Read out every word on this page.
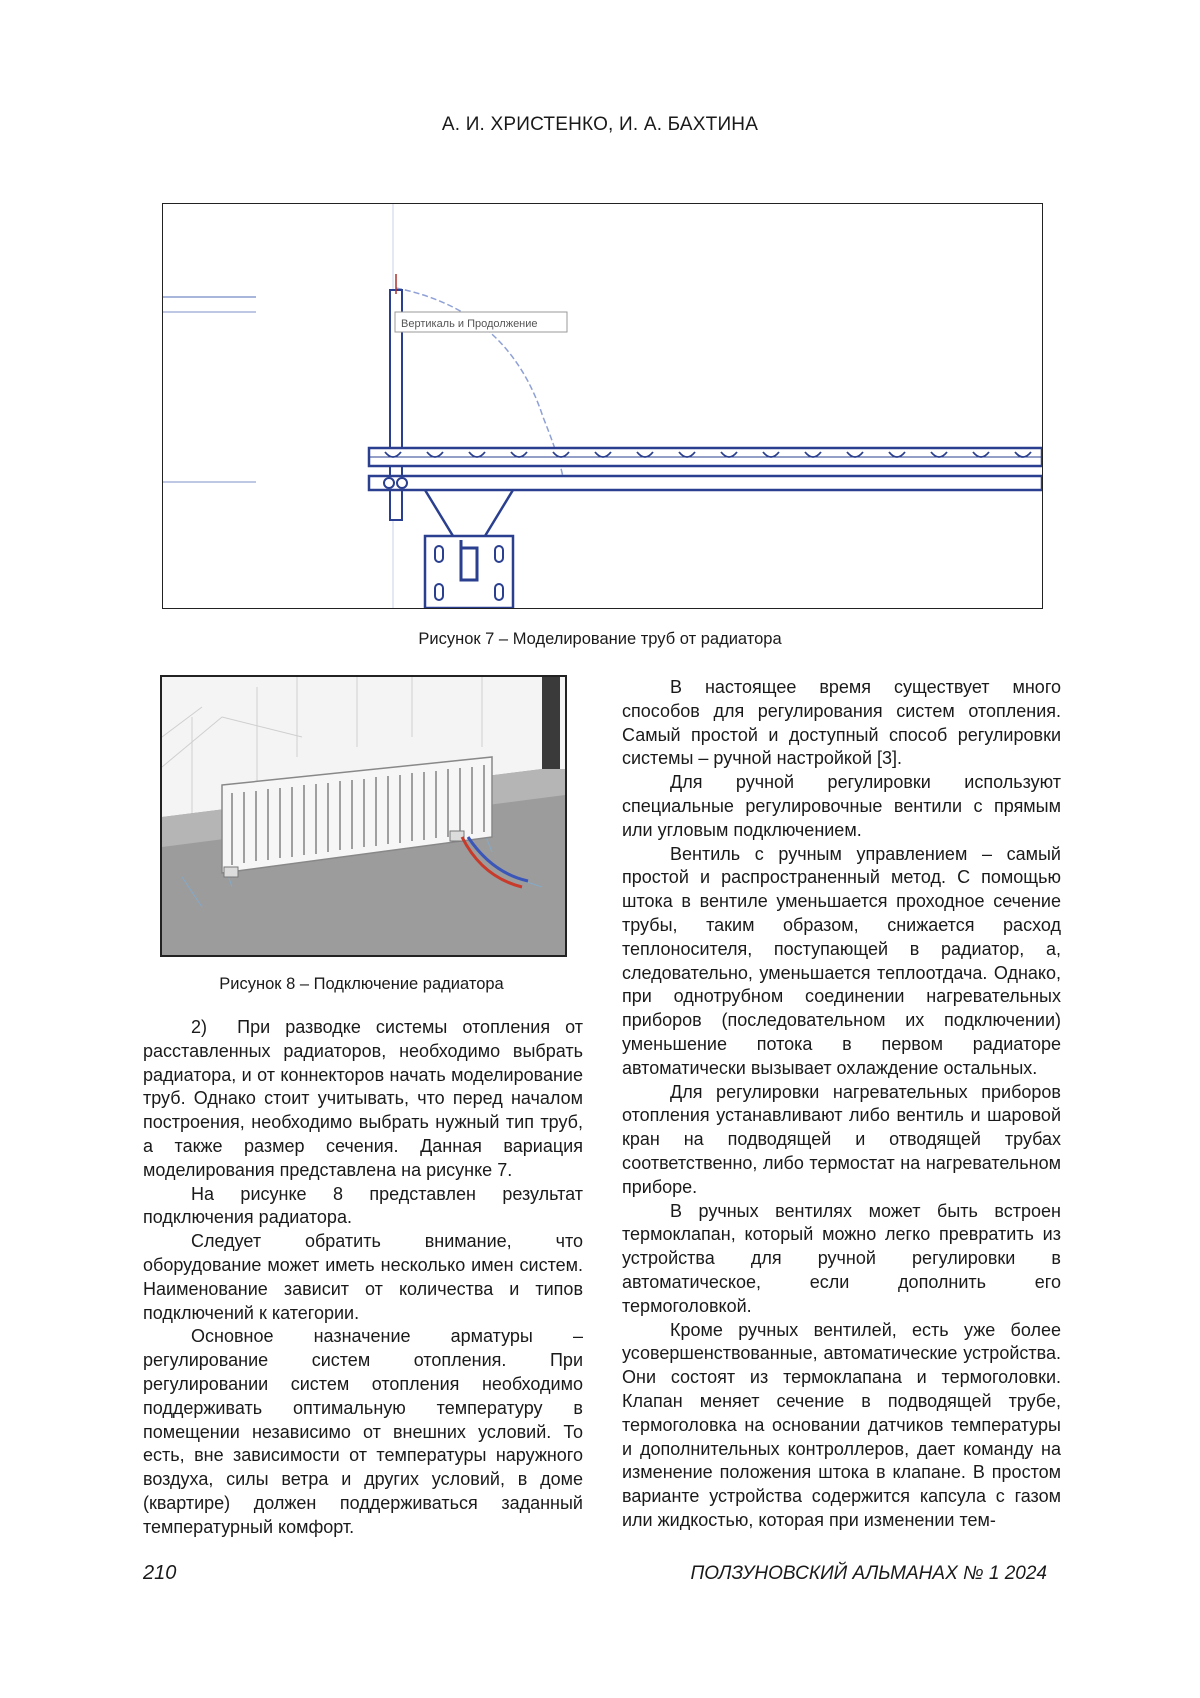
А. И. ХРИСТЕНКО, И. А. БАХТИНА
Вертикаль и Продолжение
Рисунок 7 – Моделирование труб от радиатора
Рисунок 8 – Подключение радиатора

2)  При разводке системы отопления от расставленных радиаторов, необходимо выбрать радиатора, и от коннекторов начать моделирование труб. Однако стоит учитывать, что перед началом построения, необходимо выбрать нужный тип труб, а также размер сечения. Данная вариация моделирования представлена на рисунке 7.

На рисунке 8 представлен результат подключения радиатора.

Следует обратить внимание, что оборудование может иметь несколько имен систем. Наименование зависит от количества и типов подключений к категории.

Основное назначение арматуры – регулирование систем отопления. При регулировании систем отопления необходимо поддерживать оптимальную температуру в помещении независимо от внешних условий. То есть, вне зависимости от температуры наружного воздуха, силы ветра и других условий, в доме (квартире) должен поддерживаться заданный температурный комфорт.

В настоящее время существует много способов для регулирования систем отопления. Самый простой и доступный способ регулировки системы – ручной настройкой [3].

Для ручной регулировки используют специальные регулировочные вентили с прямым или угловым подключением.

Вентиль с ручным управлением – самый простой и распространенный метод. С помощью штока в вентиле уменьшается проходное сечение трубы, таким образом, снижается расход теплоносителя, поступающей в радиатор, а, следовательно, уменьшается теплоотдача. Однако, при однотрубном соединении нагревательных приборов (последовательном их подключении) уменьшение потока в первом радиаторе автоматически вызывает охлаждение остальных.

Для регулировки нагревательных приборов отопления устанавливают либо вентиль и шаровой кран на подводящей и отводящей трубах соответственно, либо термостат на нагревательном приборе.

В ручных вентилях может быть встроен термоклапан, который можно легко превратить из устройства для ручной регулировки в автоматическое, если дополнить его термоголовкой.

Кроме ручных вентилей, есть уже более усовершенствованные, автоматические устройства. Они состоят из термоклапана и термоголовки. Клапан меняет сечение в подводящей трубе, термоголовка на основании датчиков температуры и дополнительных контроллеров, дает команду на изменение положения штока в клапане. В простом варианте устройства содержится капсула с газом или жидкостью, которая при изменении тем-

210	ПОЛЗУНОВСКИЙ АЛЬМАНАХ № 1 2024
